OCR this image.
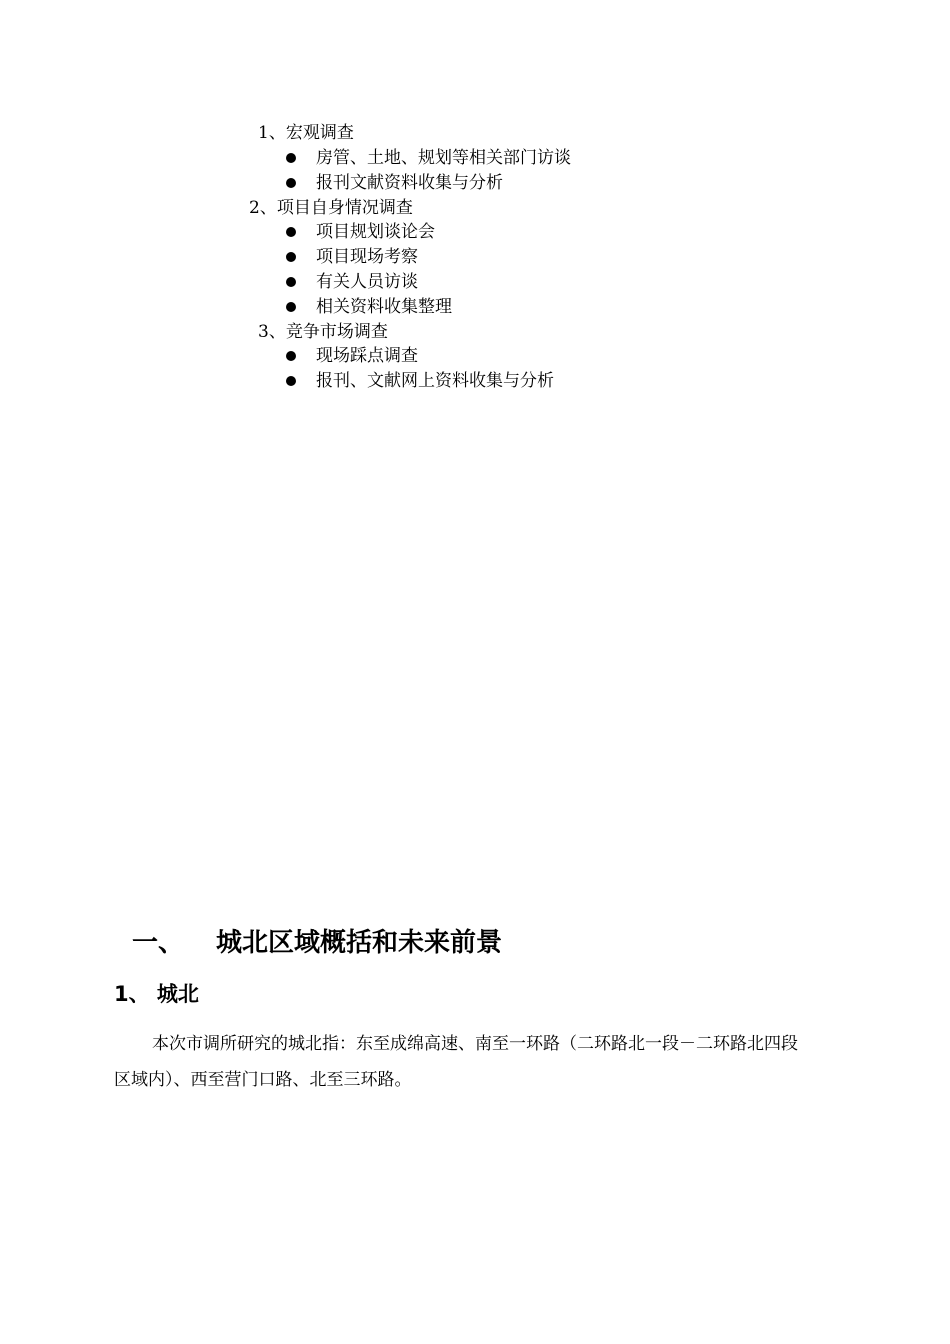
1、宏观调查
房管、土地、规划等相关部门访谈
报刊文献资料收集与分析
2、项目自身情况调查
项目规划谈论会
项目现场考察
有关人员访谈
相关资料收集整理
3、竞争市场调查
现场踩点调查
报刊、文献网上资料收集与分析
一、 城北区域概括和未来前景
1、 城北
本次市调所研究的城北指：东至成绵高速、南至一环路（二环路北一段－二环路北四段区域内）、西至营门口路、北至三环路。
